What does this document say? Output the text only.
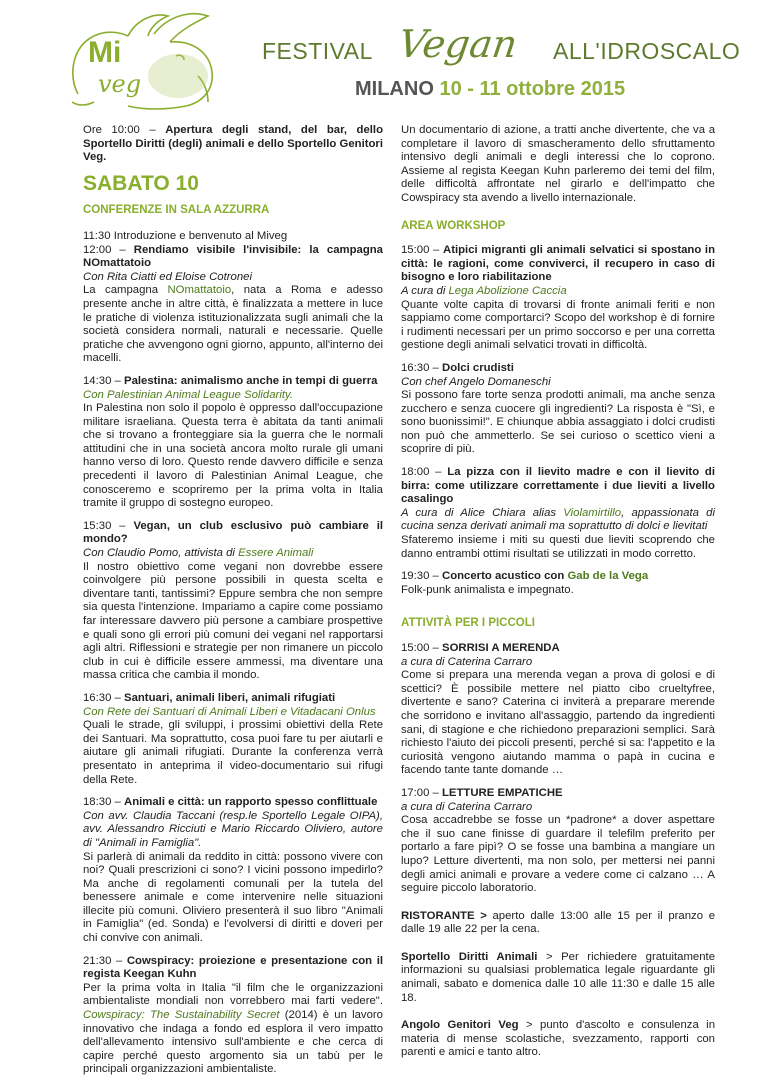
Mi
veg
FESTIVAL Vegan ALL'IDROSCALO
MILANO 10 - 11 ottobre 2015

Ore 10:00 – Apertura degli stand, del bar, dello Sportello Diritti (degli) animali e dello Sportello Genitori Veg.

SABATO 10

CONFERENZE IN SALA AZZURRA

11:30 Introduzione e benvenuto al Miveg

12:00 – Rendiamo visibile l'invisibile: la campagna NOmattatoio

Con Rita Ciatti ed Eloise Cotronei

La campagna NOmattatoio, nata a Roma e adesso presente anche in altre città, è finalizzata a mettere in luce le pratiche di violenza istituzionalizzata sugli animali che la società considera normali, naturali e necessarie. Quelle pratiche che avvengono ogni giorno, appunto, all'interno dei macelli.

14:30 – Palestina: animalismo anche in tempi di guerra

Con Palestinian Animal League Solidarity.

In Palestina non solo il popolo è oppresso dall'occupazione militare israeliana. Questa terra è abitata da tanti animali che si trovano a fronteggiare sia la guerra che le normali attitudini che in una società ancora molto rurale gli umani hanno verso di loro. Questo rende davvero difficile e senza precedenti il lavoro di Palestinian Animal League, che conosceremo e scopriremo per la prima volta in Italia tramite il gruppo di sostegno europeo.

15:30 – Vegan, un club esclusivo può cambiare il mondo?

Con Claudio Pomo, attivista di Essere Animali

Il nostro obiettivo come vegani non dovrebbe essere coinvolgere più persone possibili in questa scelta e diventare tanti, tantissimi? Eppure sembra che non sempre sia questa l'intenzione. Impariamo a capire come possiamo far interessare davvero più persone a cambiare prospettive e quali sono gli errori più comuni dei vegani nel rapportarsi agli altri. Riflessioni e strategie per non rimanere un piccolo club in cui è difficile essere ammessi, ma diventare una massa critica che cambia il mondo.

16:30 – Santuari, animali liberi, animali rifugiati

Con Rete dei Santuari di Animali Liberi e Vitadacani Onlus

Quali le strade, gli sviluppi, i prossimi obiettivi della Rete dei Santuari. Ma soprattutto, cosa puoi fare tu per aiutarli e aiutare gli animali rifugiati. Durante la conferenza verrà presentato in anteprima il video-documentario sui rifugi della Rete.

18:30 – Animali e città: un rapporto spesso conflittuale

Con avv. Claudia Taccani (resp.le Sportello Legale OIPA), avv. Alessandro Ricciuti e Mario Riccardo Oliviero, autore di "Animali in Famiglia".

Si parlerà di animali da reddito in città: possono vivere con noi? Quali prescrizioni ci sono? I vicini possono impedirlo? Ma anche di regolamenti comunali per la tutela del benessere animale e come intervenire nelle situazioni illecite più comuni. Oliviero presenterà il suo libro "Animali in Famiglia" (ed. Sonda) e l'evolversi di diritti e doveri per chi convive con animali.

21:30 – Cowspiracy: proiezione e presentazione con il regista Keegan Kuhn

Per la prima volta in Italia "il film che le organizzazioni ambientaliste mondiali non vorrebbero mai farti vedere". Cowspiracy: The Sustainability Secret (2014) è un lavoro innovativo che indaga a fondo ed esplora il vero impatto dell'allevamento intensivo sull'ambiente e che cerca di capire perché questo argomento sia un tabù per le principali organizzazioni ambientaliste.

Un documentario di azione, a tratti anche divertente, che va a completare il lavoro di smascheramento dello sfruttamento intensivo degli animali e degli interessi che lo coprono. Assieme al regista Keegan Kuhn parleremo dei temi del film, delle difficoltà affrontate nel girarlo e dell'impatto che Cowspiracy sta avendo a livello internazionale.

AREA WORKSHOP

15:00 – Atipici migranti gli animali selvatici si spostano in città: le ragioni, come conviverci, il recupero in caso di bisogno e loro riabilitazione

A cura di Lega Abolizione Caccia

Quante volte capita di trovarsi di fronte animali feriti e non sappiamo come comportarci? Scopo del workshop è di fornire i rudimenti necessari per un primo soccorso e per una corretta gestione degli animali selvatici trovati in difficoltà.

16:30 – Dolci crudisti

Con chef Angelo Domaneschi

Si possono fare torte senza prodotti animali, ma anche senza zucchero e senza cuocere gli ingredienti? La risposta è "Sì, e sono buonissimi!". E chiunque abbia assaggiato i dolci crudisti non può che ammetterlo. Se sei curioso o scettico vieni a scoprire di più.

18:00 – La pizza con il lievito madre e con il lievito di birra: come utilizzare correttamente i due lieviti a livello casalingo

A cura di Alice Chiara alias Violamirtillo, appassionata di cucina senza derivati animali ma soprattutto di dolci e lievitati

Sfateremo insieme i miti su questi due lieviti scoprendo che danno entrambi ottimi risultati se utilizzati in modo corretto.

19:30 – Concerto acustico con Gab de la Vega

Folk-punk animalista e impegnato.

ATTIVITÀ PER I PICCOLI

15:00 – SORRISI A MERENDA

a cura di Caterina Carraro

Come si prepara una merenda vegan a prova di golosi e di scettici? È possibile mettere nel piatto cibo crueltyfree, divertente e sano? Caterina ci inviterà a preparare merende che sorridono e invitano all'assaggio, partendo da ingredienti sani, di stagione e che richiedono preparazioni semplici. Sarà richiesto l'aiuto dei piccoli presenti, perché si sa: l'appetito e la curiosità vengono aiutando mamma o papà in cucina e facendo tante tante domande …

17:00 – LETTURE EMPATICHE

a cura di Caterina Carraro

Cosa accadrebbe se fosse un *padrone* a dover aspettare che il suo cane finisse di guardare il telefilm preferito per portarlo a fare pipì? O se fosse una bambina a mangiare un lupo? Letture divertenti, ma non solo, per mettersi nei panni degli amici animali e provare a vedere come ci calzano … A seguire piccolo laboratorio.

RISTORANTE > aperto dalle 13:00 alle 15 per il pranzo e dalle 19 alle 22 per la cena.

Sportello Diritti Animali > Per richiedere gratuitamente informazioni su qualsiasi problematica legale riguardante gli animali, sabato e domenica dalle 10 alle 11:30 e dalle 15 alle 18.

Angolo Genitori Veg > punto d'ascolto e consulenza in materia di mense scolastiche, svezzamento, rapporti con parenti e amici e tanto altro.
